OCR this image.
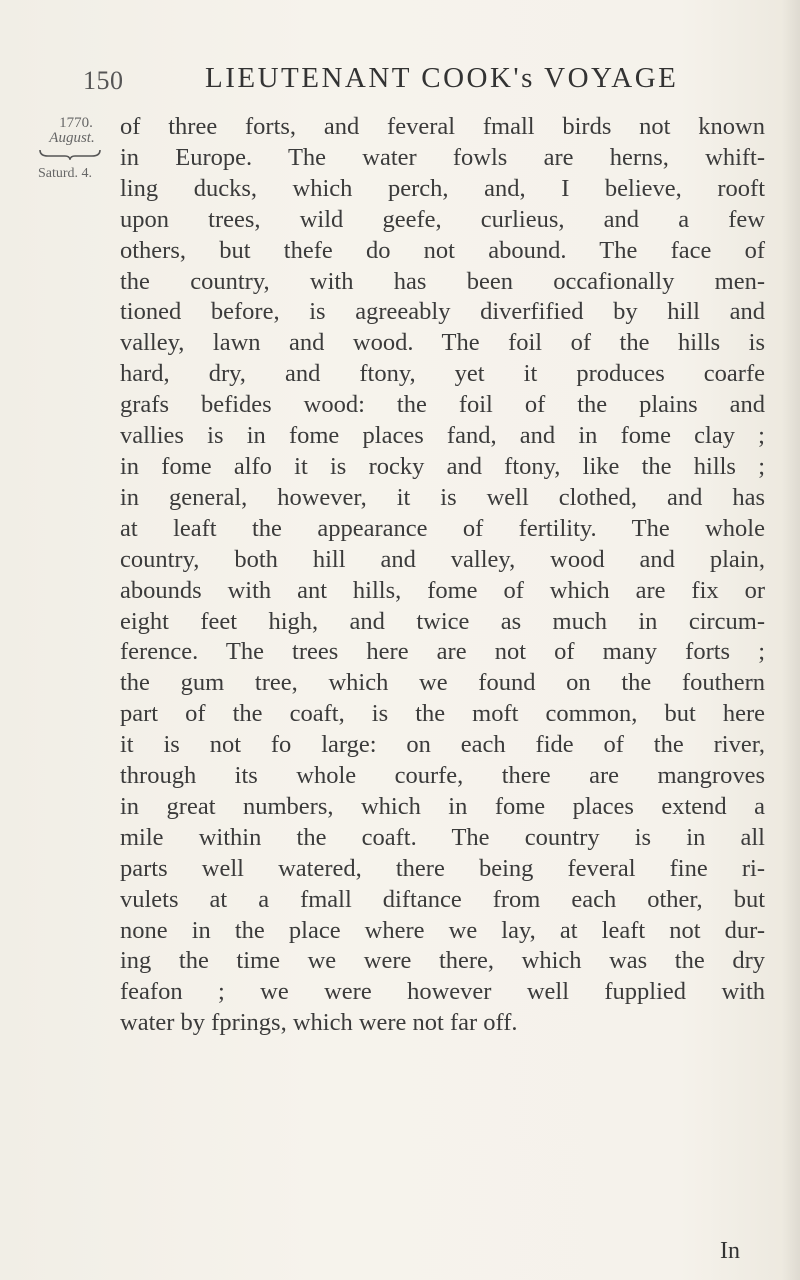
150	LIEUTENANT COOK's VOYAGE
1770.
August.
Saturd. 4.
of three forts, and feveral fmall birds not known
in Europe. The water fowls are herns, whift-
ling ducks, which perch, and, I believe, rooft
upon trees, wild geefe, curlieus, and a few
others, but thefe do not abound. The face of
the country, with has been occafionally men-
tioned before, is agreeably diverfified by hill and
valley, lawn and wood. The foil of the hills is
hard, dry, and ftony, yet it produces coarfe
grafs befides wood: the foil of the plains and
vallies is in fome places fand, and in fome clay ;
in fome alfo it is rocky and ftony, like the hills ;
in general, however, it is well clothed, and has
at leaft the appearance of fertility. The whole
country, both hill and valley, wood and plain,
abounds with ant hills, fome of which are fix or
eight feet high, and twice as much in circum-
ference. The trees here are not of many forts ;
the gum tree, which we found on the fouthern
part of the coaft, is the moft common, but here
it is not fo large: on each fide of the river,
through its whole courfe, there are mangroves
in great numbers, which in fome places extend a
mile within the coaft. The country is in all
parts well watered, there being feveral fine ri-
vulets at a fmall diftance from each other, but
none in the place where we lay, at leaft not dur-
ing the time we were there, which was the dry
feafon ; we were however well fupplied with
water by fprings, which were not far off.
In
